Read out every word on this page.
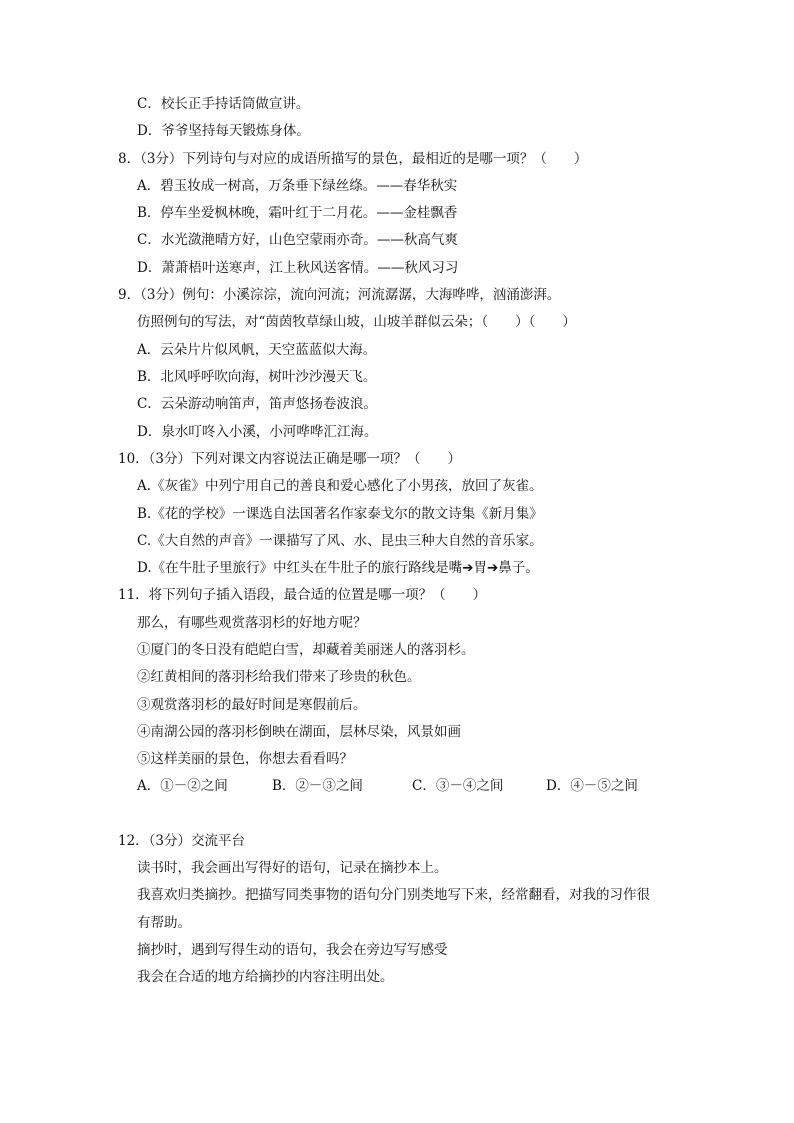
C．校长正手持话筒做宣讲。
D．爷爷坚持每天锻炼身体。
8．（3分）下列诗句与对应的成语所描写的景色，最相近的是哪一项？（　　）
A．碧玉妆成一树高，万条垂下绿丝绦。——春华秋实
B．停车坐爱枫林晚，霜叶红于二月花。——金桂飘香
C．水光潋滟晴方好，山色空蒙雨亦奇。——秋高气爽
D．萧萧梧叶送寒声，江上秋风送客情。——秋风习习
9．（3分）例句：小溪淙淙，流向河流；河流潺潺，大海哗哗，汹涌澎湃。
仿照例句的写法，对“茵茵牧草绿山坡，山坡羊群似云朵；（　　）（　　）
A．云朵片片似风帆，天空蓝蓝似大海。
B．北风呼呼吹向海，树叶沙沙漫天飞。
C．云朵游动响笛声，笛声悠扬卷波浪。
D．泉水叮咚入小溪，小河哗哗汇江海。
10．（3分）下列对课文内容说法正确是哪一项？（　　）
A.《灰雀》中列宁用自己的善良和爱心感化了小男孩，放回了灰雀。
B.《花的学校》一课选自法国著名作家泰戈尔的散文诗集《新月集》
C.《大自然的声音》一课描写了风、水、昆虫三种大自然的音乐家。
D.《在牛肚子里旅行》中红头在牛肚子的旅行路线是嘴➔胃➔鼻子。
11．将下列句子插入语段，最合适的位置是哪一项？（　　）
那么，有哪些观赏落羽杉的好地方呢？
①厦门的冬日没有皑皑白雪，却藏着美丽迷人的落羽杉。
②红黄相间的落羽杉给我们带来了珍贵的秋色。
③观赏落羽杉的最好时间是寒假前后。
④南湖公园的落羽杉倒映在湖面，层林尽染，风景如画
⑤这样美丽的景色，你想去看看吗？
A．①－②之间	B．②－③之间	C．③－④之间	D．④－⑤之间
12．（3分）交流平台
读书时，我会画出写得好的语句，记录在摘抄本上。
我喜欢归类摘抄。把描写同类事物的语句分门别类地写下来，经常翻看，对我的习作很
有帮助。
摘抄时，遇到写得生动的语句，我会在旁边写写感受
我会在合适的地方给摘抄的内容注明出处。
